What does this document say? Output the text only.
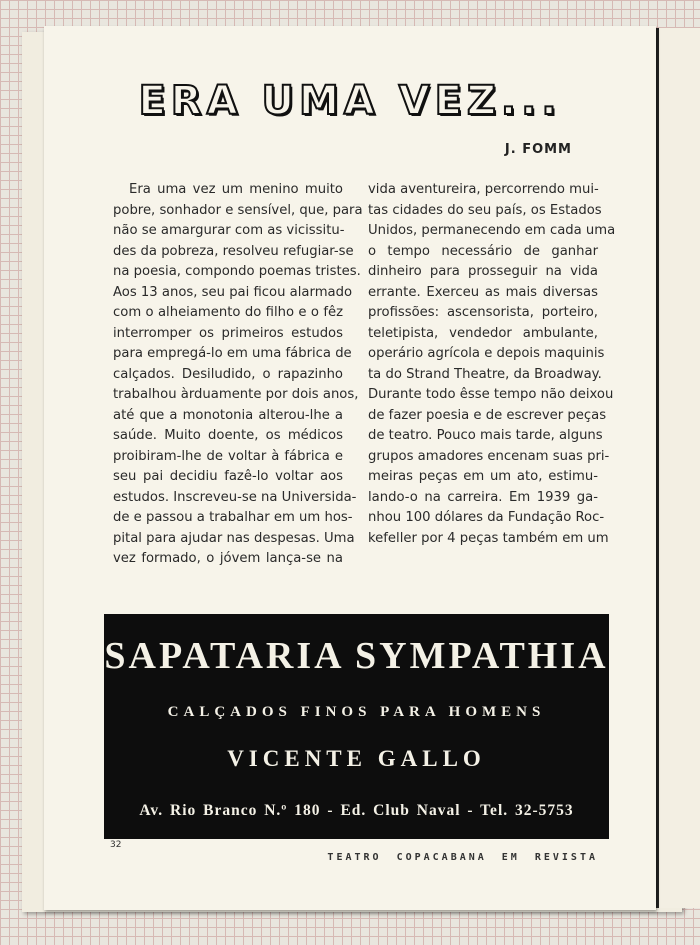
ERA UMA VEZ...
J. FOMM
Era uma vez um menino muito
pobre, sonhador e sensível, que, para
não se amargurar com as vicissitu-
des da pobreza, resolveu refugiar-se
na poesia, compondo poemas tristes.
Aos 13 anos, seu pai ficou alarmado
com o alheiamento do filho e o fêz
interromper os primeiros estudos
para empregá-lo em uma fábrica de
calçados. Desiludido, o rapazinho
trabalhou àrduamente por dois anos,
até que a monotonia alterou-lhe a
saúde. Muito doente, os médicos
proibiram-lhe de voltar à fábrica e
seu pai decidiu fazê-lo voltar aos
estudos. Inscreveu-se na Universida-
de e passou a trabalhar em um hos-
pital para ajudar nas despesas. Uma
vez formado, o jóvem lança-se na
vida aventureira, percorrendo mui-
tas cidades do seu país, os Estados
Unidos, permanecendo em cada uma
o tempo necessário de ganhar
dinheiro para prosseguir na vida
errante. Exerceu as mais diversas
profissões: ascensorista, porteiro,
teletipista, vendedor ambulante,
operário agrícola e depois maquinis
ta do Strand Theatre, da Broadway.
Durante todo êsse tempo não deixou
de fazer poesia e de escrever peças
de teatro. Pouco mais tarde, alguns
grupos amadores encenam suas pri-
meiras peças em um ato, estimu-
lando-o na carreira. Em 1939 ga-
nhou 100 dólares da Fundação Roc-
kefeller por 4 peças também em um
SAPATARIA SYMPATHIA
CALÇADOS FINOS PARA HOMENS
VICENTE GALLO
Av. Rio Branco N.º 180 - Ed. Club Naval - Tel. 32-5753
32
TEATRO COPACABANA EM REVISTA
